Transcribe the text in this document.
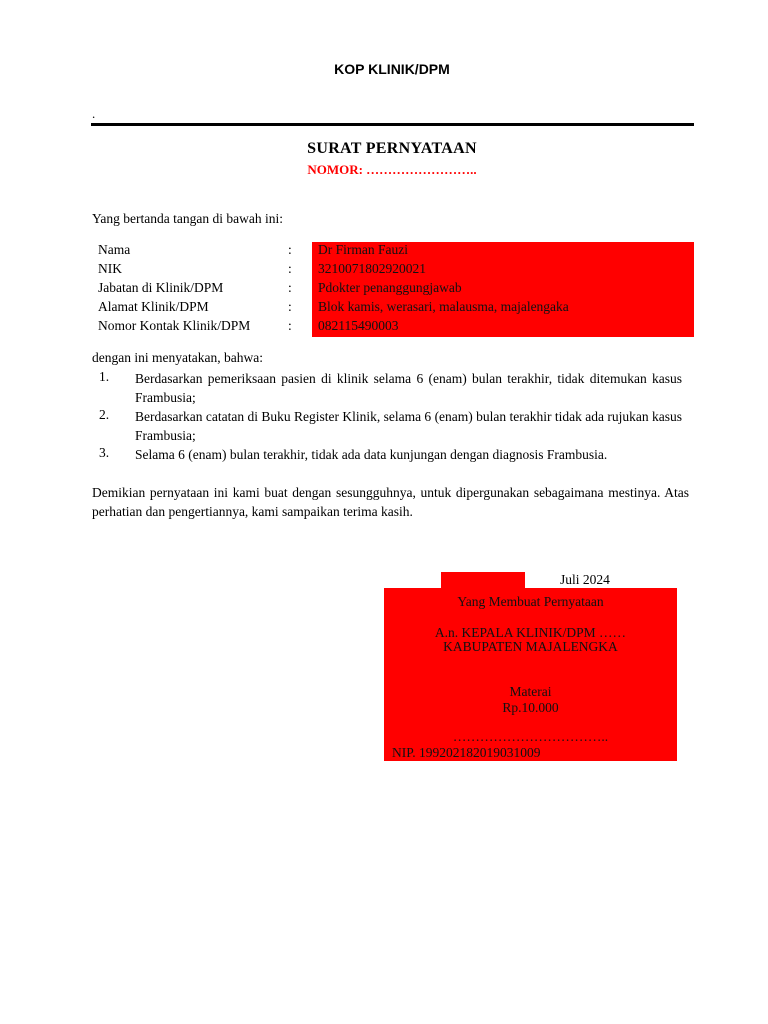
KOP KLINIK/DPM
.
SURAT PERNYATAAN
NOMOR: ……………………..
Yang bertanda tangan di bawah ini:
Nama	: Dr Firman Fauzi
NIK	: 3210071802920021
Jabatan di Klinik/DPM	: Pdokter penanggungjawab
Alamat Klinik/DPM	: Blok kamis, werasari, malausma, majalengaka
Nomor Kontak Klinik/DPM	: 082115490003
dengan ini menyatakan, bahwa:
1. Berdasarkan pemeriksaan pasien di klinik selama 6 (enam) bulan terakhir, tidak ditemukan kasus Frambusia;
2. Berdasarkan catatan di Buku Register Klinik, selama 6 (enam) bulan terakhir tidak ada rujukan kasus Frambusia;
3. Selama 6 (enam) bulan terakhir, tidak ada data kunjungan dengan diagnosis Frambusia.
Demikian pernyataan ini kami buat dengan sesungguhnya, untuk dipergunakan sebagaimana mestinya. Atas perhatian dan pengertiannya, kami sampaikan terima kasih.
Juli 2024
Yang Membuat Pernyataan
A.n. KEPALA KLINIK/DPM ……
KABUPATEN MAJALENGKA
Materai
Rp.10.000
……………………………..
NIP. 199202182019031009
